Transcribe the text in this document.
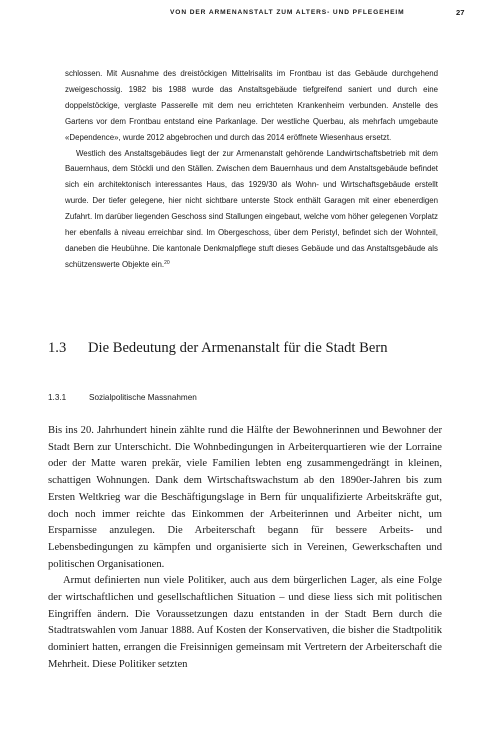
VON DER ARMENANSTALT ZUM ALTERS- UND PFLEGEHEIM	27

schlossen. Mit Ausnahme des dreistöckigen Mittelrisalits im Frontbau ist das Gebäude durchgehend zweigeschossig. 1982 bis 1988 wurde das Anstaltsgebäude tiefgreifend saniert und durch eine doppelstöckige, verglaste Passerelle mit dem neu errichteten Krankenheim verbunden. Anstelle des Gartens vor dem Frontbau entstand eine Parkanlage. Der westliche Querbau, als mehrfach umgebaute «Dependence», wurde 2012 abgebrochen und durch das 2014 eröffnete Wiesenhaus ersetzt.

Westlich des Anstaltsgebäudes liegt der zur Armenanstalt gehörende Landwirtschaftsbetrieb mit dem Bauernhaus, dem Stöckli und den Ställen. Zwischen dem Bauernhaus und dem Anstaltsgebäude befindet sich ein architektonisch interessantes Haus, das 1929/30 als Wohn- und Wirtschaftsgebäude erstellt wurde. Der tiefer gelegene, hier nicht sichtbare unterste Stock enthält Garagen mit einer ebenerdigen Zufahrt. Im darüber liegenden Geschoss sind Stallungen eingebaut, welche vom höher gelegenen Vorplatz her ebenfalls à niveau erreichbar sind. Im Obergeschoss, über dem Peristyl, befindet sich der Wohnteil, daneben die Heubühne. Die kantonale Denkmalpflege stuft dieses Gebäude und das Anstaltsgebäude als schützenswerte Objekte ein.$^{20}$

1.3 Die Bedeutung der Armenanstalt für die Stadt Bern
1.3.1	Sozialpolitische Massnahmen

Bis ins 20. Jahrhundert hinein zählte rund die Hälfte der Bewohnerinnen und Bewohner der Stadt Bern zur Unterschicht. Die Wohnbedingungen in Arbeiterquartieren wie der Lorraine oder der Matte waren prekär, viele Familien lebten eng zusammengedrängt in kleinen, schattigen Wohnungen. Dank dem Wirtschaftswachstum ab den 1890er-Jahren bis zum Ersten Weltkrieg war die Beschäftigungslage in Bern für unqualifizierte Arbeitskräfte gut, doch noch immer reichte das Einkommen der Arbeiterinnen und Arbeiter nicht, um Ersparnisse anzulegen. Die Arbeiterschaft begann für bessere Arbeits- und Lebensbedingungen zu kämpfen und organisierte sich in Vereinen, Gewerkschaften und politischen Organisationen.

Armut definierten nun viele Politiker, auch aus dem bürgerlichen Lager, als eine Folge der wirtschaftlichen und gesellschaftlichen Situation – und diese liess sich mit politischen Eingriffen ändern. Die Voraussetzungen dazu entstanden in der Stadt Bern durch die Stadtratswahlen vom Januar 1888. Auf Kosten der Konservativen, die bisher die Stadtpolitik dominiert hatten, errangen die Freisinnigen gemeinsam mit Vertretern der Arbeiterschaft die Mehrheit. Diese Politiker setzten
